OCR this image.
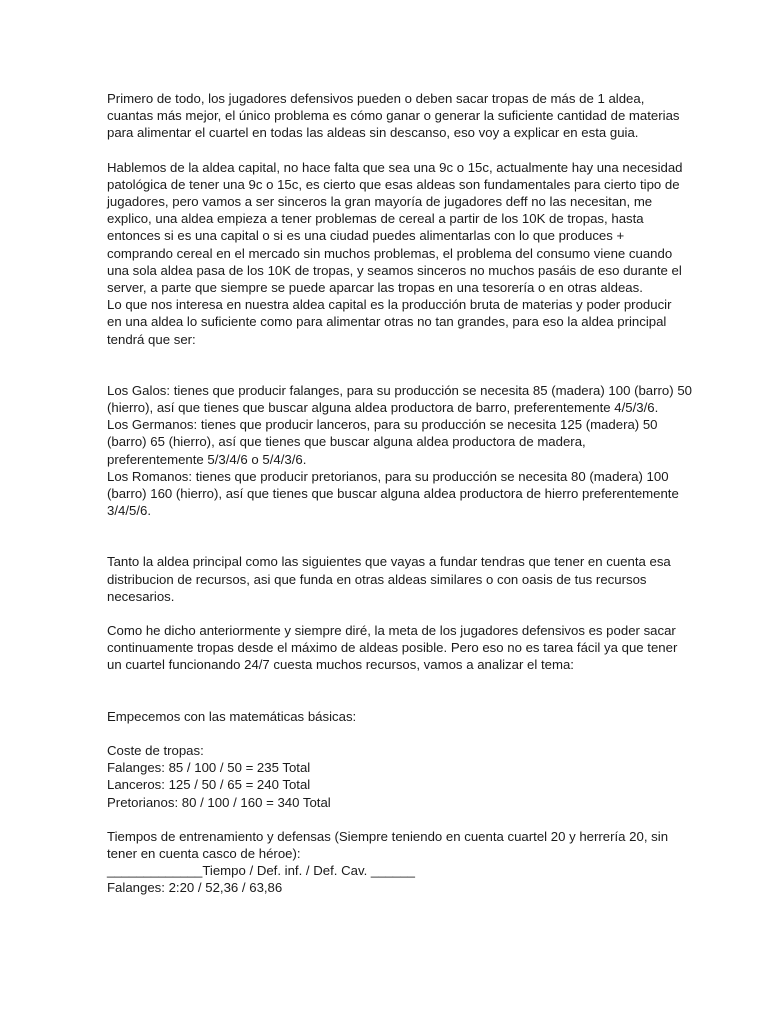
Primero de todo, los jugadores defensivos pueden o deben sacar tropas de más de 1 aldea,
cuantas más mejor, el único problema es cómo ganar o generar la suficiente cantidad de materias
para alimentar el cuartel en todas las aldeas sin descanso, eso voy a explicar en esta guia.
Hablemos de la aldea capital, no hace falta que sea una 9c o 15c, actualmente hay una necesidad
patológica de tener una 9c o 15c, es cierto que esas aldeas son fundamentales para cierto tipo de
jugadores, pero vamos a ser sinceros la gran mayoría de jugadores deff no las necesitan, me
explico, una aldea empieza a tener problemas de cereal a partir de los 10K de tropas, hasta
entonces si es una capital o si es una ciudad puedes alimentarlas con lo que produces +
comprando cereal en el mercado sin muchos problemas, el problema del consumo viene cuando
una sola aldea pasa de los 10K de tropas, y seamos sinceros no muchos pasáis de eso durante el
server, a parte que siempre se puede aparcar las tropas en una tesorería o en otras aldeas.
Lo que nos interesa en nuestra aldea capital es la producción bruta de materias y poder producir
en una aldea lo suficiente como para alimentar otras no tan grandes, para eso la aldea principal
tendrá que ser:
Los Galos: tienes que producir falanges, para su producción se necesita 85 (madera) 100 (barro) 50
(hierro), así que tienes que buscar alguna aldea productora de barro, preferentemente 4/5/3/6.
Los Germanos: tienes que producir lanceros, para su producción se necesita 125 (madera) 50
(barro) 65 (hierro), así que tienes que buscar alguna aldea productora de madera,
preferentemente 5/3/4/6 o 5/4/3/6.
Los Romanos: tienes que producir pretorianos, para su producción se necesita 80 (madera) 100
(barro) 160 (hierro), así que tienes que buscar alguna aldea productora de hierro preferentemente
3/4/5/6.
Tanto la aldea principal como las siguientes que vayas a fundar tendras que tener en cuenta esa
distribucion de recursos, asi que funda en otras aldeas similares o con oasis de tus recursos
necesarios.
Como he dicho anteriormente y siempre diré, la meta de los jugadores defensivos es poder sacar
continuamente tropas desde el máximo de aldeas posible. Pero eso no es tarea fácil ya que tener
un cuartel funcionando 24/7 cuesta muchos recursos, vamos a analizar el tema:
Empecemos con las matemáticas básicas:
Coste de tropas:
Falanges: 85 / 100 / 50 = 235 Total
Lanceros: 125 / 50 / 65 = 240 Total
Pretorianos: 80 / 100 / 160 = 340 Total
Tiempos de entrenamiento y defensas (Siempre teniendo en cuenta cuartel 20 y herrería 20, sin
tener en cuenta casco de héroe):
_____________Tiempo / Def. inf. / Def. Cav. ______
Falanges: 2:20 / 52,36 / 63,86
